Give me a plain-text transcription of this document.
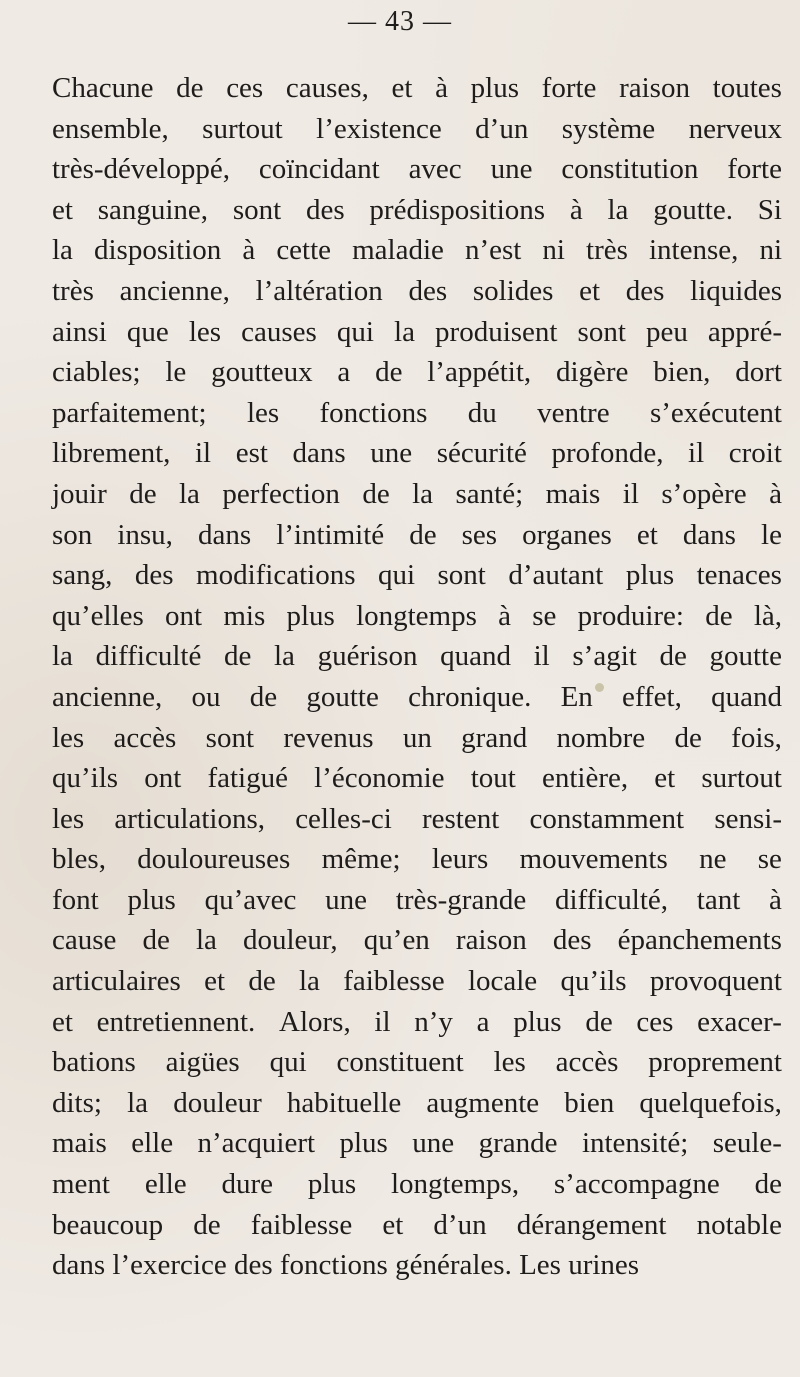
— 43 —
Chacune de ces causes, et à plus forte raison toutes
ensemble, surtout l’existence d’un système nerveux
très-développé, coïncidant avec une constitution forte
et sanguine, sont des prédispositions à la goutte. Si
la disposition à cette maladie n’est ni très intense, ni
très ancienne, l’altération des solides et des liquides
ainsi que les causes qui la produisent sont peu appré-
ciables; le goutteux a de l’appétit, digère bien, dort
parfaitement; les fonctions du ventre s’exécutent
librement, il est dans une sécurité profonde, il croit
jouir de la perfection de la santé; mais il s’opère à
son insu, dans l’intimité de ses organes et dans le
sang, des modifications qui sont d’autant plus tenaces
qu’elles ont mis plus longtemps à se produire: de là,
la difficulté de la guérison quand il s’agit de goutte
ancienne, ou de goutte chronique. En effet, quand
les accès sont revenus un grand nombre de fois,
qu’ils ont fatigué l’économie tout entière, et surtout
les articulations, celles-ci restent constamment sensi-
bles, douloureuses même; leurs mouvements ne se
font plus qu’avec une très-grande difficulté, tant à
cause de la douleur, qu’en raison des épanchements
articulaires et de la faiblesse locale qu’ils provoquent
et entretiennent. Alors, il n’y a plus de ces exacer-
bations aigües qui constituent les accès proprement
dits; la douleur habituelle augmente bien quelquefois,
mais elle n’acquiert plus une grande intensité; seule-
ment elle dure plus longtemps, s’accompagne de
beaucoup de faiblesse et d’un dérangement notable
dans
l’exercice
des
fonctions
générales.
Les
urines
